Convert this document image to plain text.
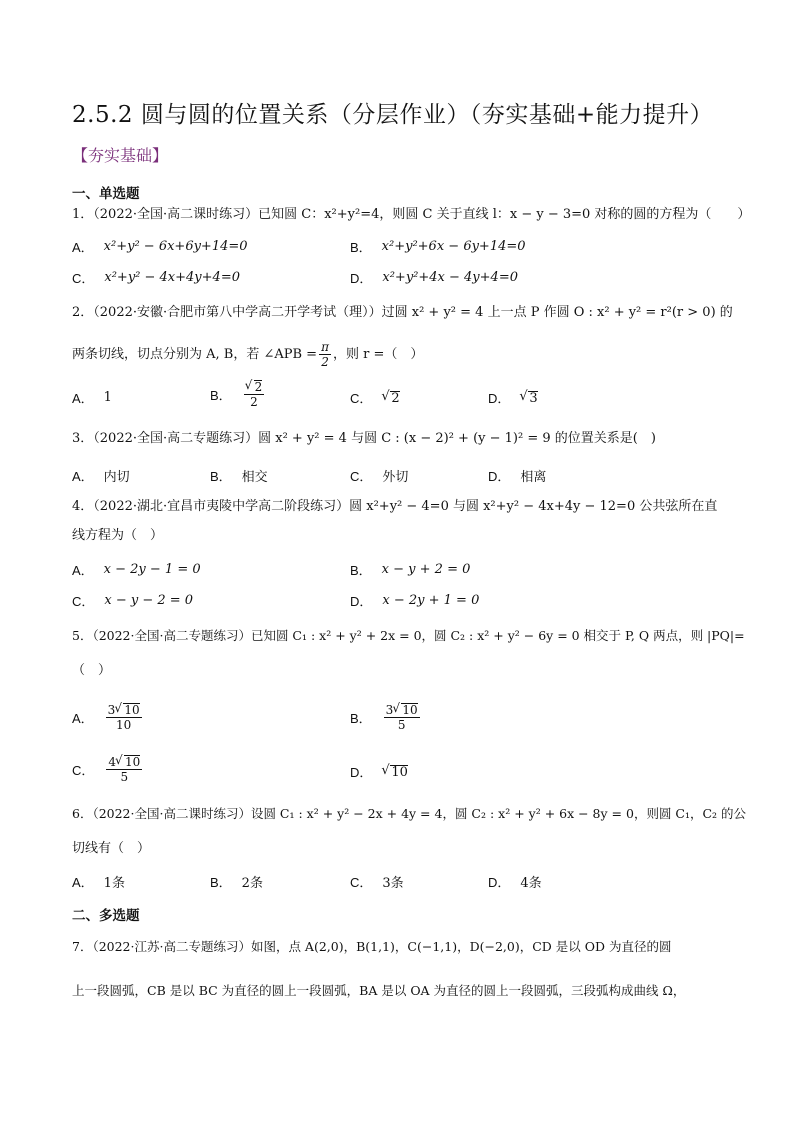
2.5.2 圆与圆的位置关系（分层作业）（夯实基础+能力提升）
【夯实基础】
一、单选题
1．（2022·全国·高二课时练习）已知圆 C：x²+y²=4，则圆 C 关于直线 l：x − y − 3=0 对称的圆的方程为（　　）
A． x²+y² − 6x+6y+14=0	B． x²+y²+6x − 6y+14=0
C． x²+y² − 4x+4y+4=0	D． x²+y²+4x − 4y+4=0
2．（2022·安徽·合肥市第八中学高二开学考试（理））过圆 x² + y² = 4 上一点 P 作圆 O : x² + y² = r²(r > 0) 的
两条切线，切点分别为 A, B，若 ∠APB = $\frac{\pi}{2}$ ，则 r =（　）
A． 1	B． √ $\frac{2}{2}$	C． √ 2	D． √ 3
3．（2022·全国·高二专题练习）圆 x² + y² = 4 与圆 C : (x − 2)² + (y − 1)² = 9 的位置关系是(　)
A． 内切	B． 相交	C． 外切	D． 相离
4．（2022·湖北·宜昌市夷陵中学高二阶段练习）圆 x²+y² − 4=0 与圆 x²+y² − 4x+4y − 12=0 公共弦所在直
线方程为（　）
A． x − 2y − 1 = 0	B． x − y + 2 = 0
C． x − y − 2 = 0	D． x − 2y + 1 = 0
5．（2022·全国·高二专题练习）已知圆 C₁ : x² + y² + 2x = 0，圆 C₂ : x² + y² − 6y = 0 相交于 P, Q 两点，则 |PQ|=
（　）
A． $\frac{3 √ 10}{10}$	B． $\frac{3 √ 10}{5}$
C． $\frac{4 √ 10}{5}$	D． √ 10
6．（2022·全国·高二课时练习）设圆 C₁ : x² + y² − 2x + 4y = 4，圆 C₂ : x² + y² + 6x − 8y = 0，则圆 C₁，C₂ 的公
切线有（　）
A． 1条	B． 2条	C． 3条	D． 4条
二、多选题
7．（2022·江苏·高二专题练习）如图，点 A(2,0)，B(1,1)，C(−1,1)，D(−2,0)，CD 是以 OD 为直径的圆
上一段圆弧，CB 是以 BC 为直径的圆上一段圆弧，BA 是以 OA 为直径的圆上一段圆弧，三段弧构成曲线 Ω，
